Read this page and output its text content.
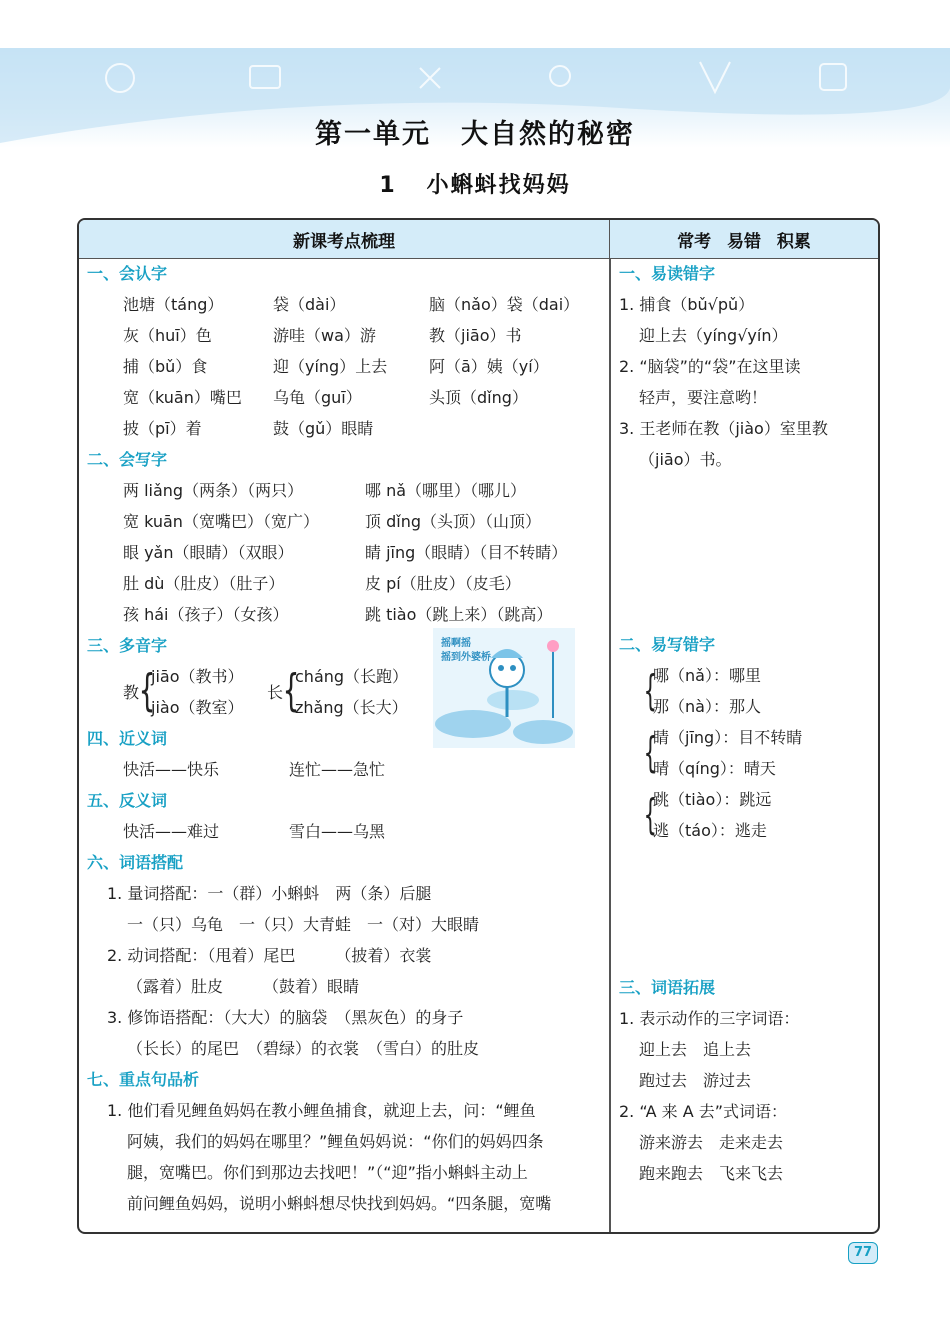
第一单元 大自然的秘密
1 小蝌蚪找妈妈
新课考点梳理	常考 易错 积累
一、会认字
池塘（táng）	袋（dài）	脑（nǎo）袋（dai）
灰（huī）色	游哇（wa）游	教（jiāo）书
捕（bǔ）食	迎（yíng）上去	阿（ā）姨（yí）
宽（kuān）嘴巴 乌龟（guī）	头顶（dǐng）
披（pī）着	鼓（gǔ）眼睛
二、会写字
两 liǎng（两条）（两只）	哪 nǎ（哪里）（哪儿）
宽 kuān（宽嘴巴）（宽广）	顶 dǐng（头顶）（山顶）
眼 yǎn（眼睛）（双眼）	睛 jīng（眼睛）（目不转睛）
肚 dù（肚皮）（肚子）	皮 pí（肚皮）（皮毛）
孩 hái（孩子）（女孩）	跳 tiào（跳上来）（跳高）
三、多音字
教 {
jiāo（教书）
jiào（教室）
长 {
cháng（长跑）
zhǎng（长大）
四、近义词
快活——快乐	连忙——急忙
五、反义词
快活——难过	雪白——乌黑
六、词语搭配
1. 量词搭配：一（群）小蝌蚪　两（条）后腿
一（只）乌龟　一（只）大青蛙　一（对）大眼睛
2. 动词搭配：（甩着）尾巴　　　（披着）衣裳
（露着）肚皮　　　（鼓着）眼睛
3. 修饰语搭配：（大大）的脑袋　（黑灰色）的身子
（长长）的尾巴　（碧绿）的衣裳　（雪白）的肚皮
七、重点句品析
1. 他们看见鲤鱼妈妈在教小鲤鱼捕食，就迎上去，问：“鲤鱼
阿姨，我们的妈妈在哪里？”鲤鱼妈妈说：“你们的妈妈四条
腿，宽嘴巴。你们到那边去找吧！”（“迎”指小蝌蚪主动上
前问鲤鱼妈妈，说明小蝌蚪想尽快找到妈妈。“四条腿，宽嘴
摇啊摇
摇到外婆桥
一、易读错字
1. 捕食（bǔ√pǔ）
迎上去（yíng√yín）
2. “脑袋”的“袋”在这里读
轻声，要注意哟！
3. 王老师在教（jiào）室里教
（jiāo）书。
二、易写错字
{
哪（nǎ）：哪里
那（nà）：那人
{
睛（jīng）：目不转睛
晴（qíng）：晴天
{
跳（tiào）：跳远
逃（táo）：逃走
三、词语拓展
1. 表示动作的三字词语：
迎上去　追上去
跑过去　游过去
2. “A 来 A 去”式词语：
游来游去　走来走去
跑来跑去　飞来飞去
77
